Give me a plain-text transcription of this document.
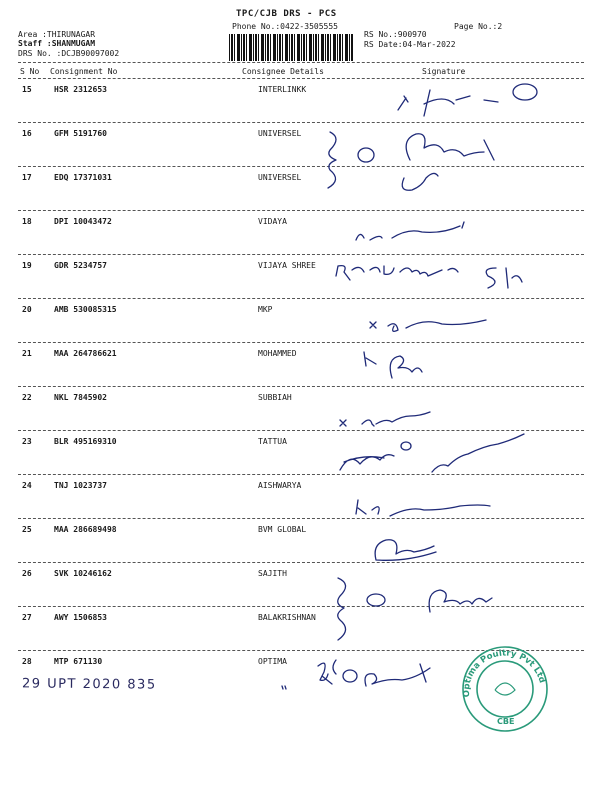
TPC/CJB DRS - PCS
Phone No.:0422-3505555	Page No.:2
Area :THIRUNAGAR
Staff :SHANMUGAM
DRS No. :DCJB90097002
RS No.:900970
RS Date:04-Mar-2022
S No Consignment No	Consignee Details	Signature
15	HSR 2312653	INTERLINKK
16	GFM 5191760	UNIVERSEL
17	EDQ 17371031	UNIVERSEL
18	DPI 10043472	VIDAYA
19	GDR 5234757	VIJAYA SHREE
20	AMB 530085315	MKP
21	MAA 264786621	MOHAMMED
22	NKL 7845902	SUBBIAH
23	BLR 495169310	TATTUA
24	TNJ 1023737	AISHWARYA
25	MAA 286689498	BVM GLOBAL
26	SVK 10246162	SAJITH
27	AWY 1506853	BALAKRISHNAN
28	MTP 671130	OPTIMA
Optima Poultry Pvt Ltd
CBE
29 UPT 2020 835
